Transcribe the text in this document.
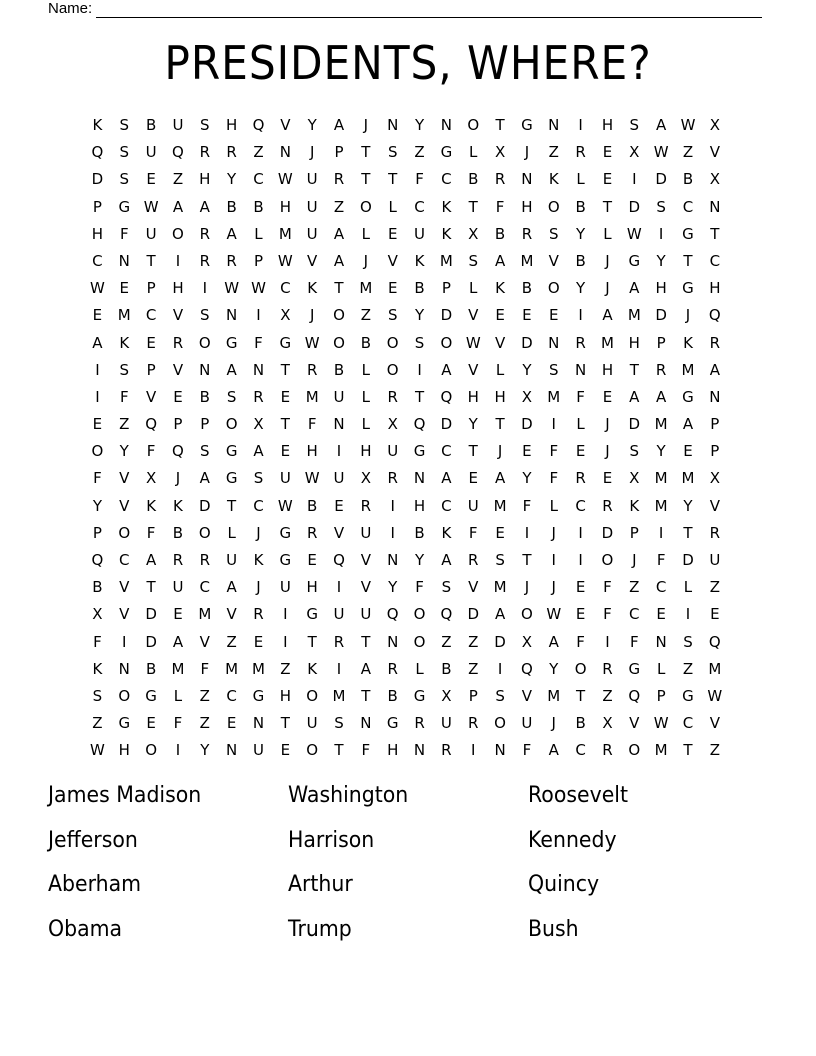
Name:
PRESIDENTS, WHERE?
K	S	B	U	S	H	Q	V	Y	A	J	N	Y	N	O	T	G	N	I	H	S	A W X
Q	S	U	Q	R	R	Z	N	J	P	T	S	Z	G	L	X	J	Z	R	E	X W Z	V
D	S	E	Z	H	Y	C W U	R	T	T	F	C	B	R	N	K	L	E	I	D	B	X
P	G W A	A	B	B	H	U	Z	O	L	C	K	T	F	H	O	B	T	D	S	C	N
H	F	U	O	R	A	L	M U	A	L	E	U	K	X	B	R	S	Y	L	W	I	G	T
C	N	T	I	R	R	P W V	A	J	V	K	M	S	A	M	V	B	J	G	Y	T	C
W E	P	H	I	W W C	K	T	M	E	B	P	L	K	B	O	Y	J	A	H	G	H
E	M	C	V	S	N	I	X	J	O	Z	S	Y	D	V	E	E	E	I	A	M D	J	Q
A	K	E	R	O	G	F	G W O	B	O	S	O W V	D	N	R	M H	P	K	R
I	S	P	V	N	A	N	T	R	B	L	O	I	A	V	L	Y	S	N	H	T	R	M	A
I	F	V	E	B	S	R	E	M U	L	R	T	Q	H	H	X	M	F	E	A	A	G	N
E	Z	Q	P	P	O	X	T	F	N	L	X	Q	D	Y	T	D	I	L	J	D M	A	P
O	Y	F	Q	S	G	A	E	H	I	H	U	G	C	T	J	E	F	E	J	S	Y	E	P
F	V	X	J	A	G	S	U W U	X	R	N	A	E	A	Y	F	R	E	X	M M	X
Y	V	K	K	D	T	C W B	E	R	I	H	C	U M	F	L	C	R	K	M	Y	V
P	O	F	B	O	L	J	G	R	V	U	I	B	K	F	E	I	J	I	D	P	I	T	R
Q	C	A	R	R	U	K	G	E	Q	V	N	Y	A	R	S	T	I	I	O	J	F	D	U
B	V	T	U	C	A	J	U	H	I	V	Y	F	S	V	M	J	J	E	F	Z	C	L	Z
X	V	D	E	M	V	R	I	G	U	U	Q	O	Q	D	A	O W E	F	C	E	I	E
F	I	D	A	V	Z	E	I	T	R	T	N	O	Z	Z	D	X	A	F	I	F	N	S	Q
K	N	B	M	F	M M	Z	K	I	A	R	L	B	Z	I	Q	Y	O	R	G	L	Z	M
S	O	G	L	Z	C	G	H	O M	T	B	G	X	P	S	V	M	T	Z	Q	P	G W
Z	G	E	F	Z	E	N	T	U	S	N	G	R	U	R	O	U	J	B	X	V W C	V
W H	O	I	Y	N	U	E	O	T	F	H	N	R	I	N	F	A	C	R	O M	T	Z
James Madison	Washington	Roosevelt
Jefferson	Harrison	Kennedy
Aberham	Arthur	Quincy
Obama	Trump	Bush
